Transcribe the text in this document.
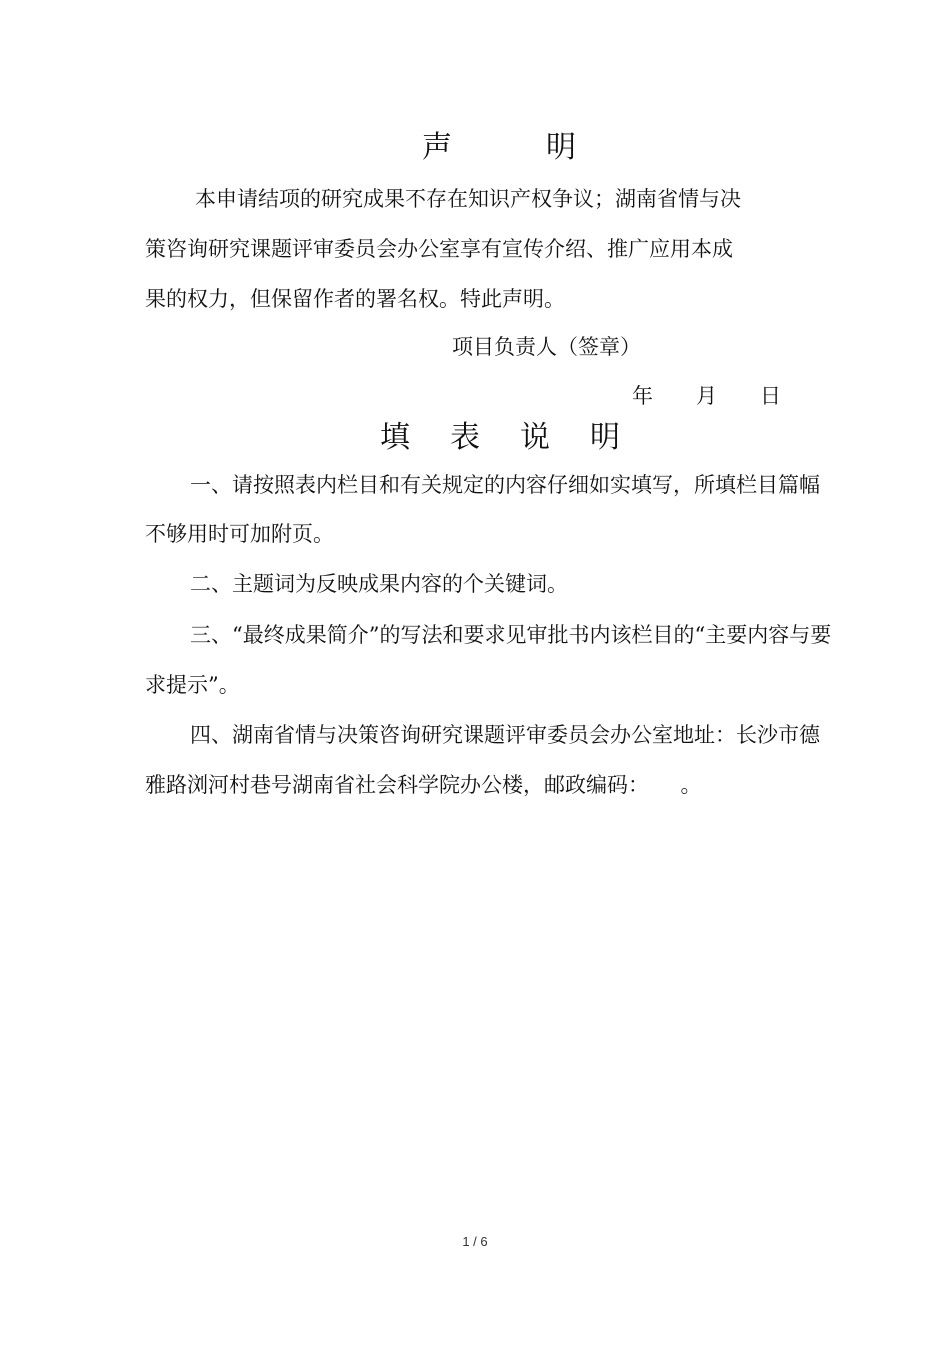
声	明
本申请结项的研究成果不存在知识产权争议；湖南省情与决
策咨询研究课题评审委员会办公室享有宣传介绍、推广应用本成
果的权力，但保留作者的署名权。特此声明。
项目负责人（签章）
年 月 日
填 表 说 明
一、请按照表内栏目和有关规定的内容仔细如实填写，所填栏目篇幅
不够用时可加附页。
二、主题词为反映成果内容的个关键词。
三、“最终成果简介”的写法和要求见审批书内该栏目的“主要内容与要
求提示”。
四、湖南省情与决策咨询研究课题评审委员会办公室地址：长沙市德
雅路浏河村巷号湖南省社会科学院办公楼，邮政编码：　　。
1 / 6
